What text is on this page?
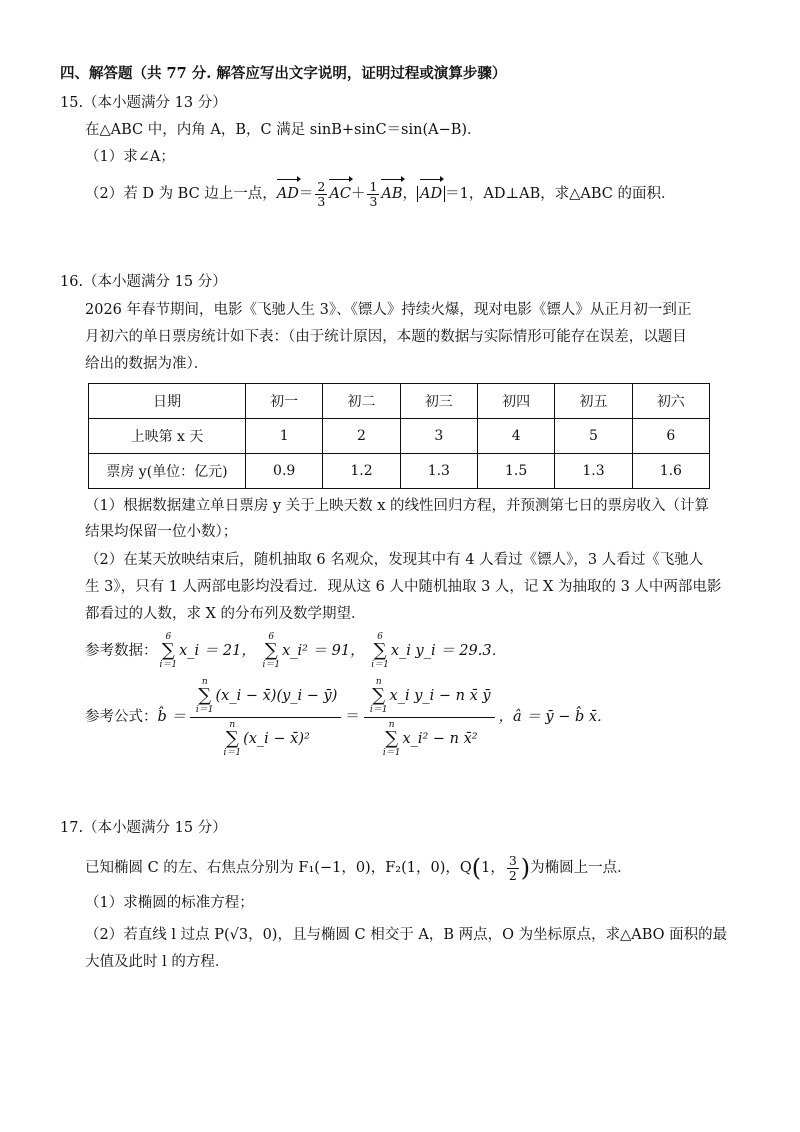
四、解答题（共 77 分. 解答应写出文字说明，证明过程或演算步骤）
15.（本小题满分 13 分）
在△ABC 中，内角 A，B，C 满足 sinB+sinC＝sin(A−B)．
（1）求∠A；
（2）若 D 为 BC 边上一点，$AD= \frac{2}{3} AC+ \frac{1}{3}$ AB， AD ＝1，AD⊥AB，求△ABC 的面积．
16.（本小题满分 15 分）
2026 年春节期间，电影《飞驰人生 3》、《镖人》持续火爆，现对电影《镖人》从正月初一到正
月初六的单日票房统计如下表：（由于统计原因，本题的数据与实际情形可能存在误差，以题目
给出的数据为准）．
日期	初一	初二	初三	初四	初五	初六
上映第 x 天	1	2	3	4	5	6
票房 y(单位：亿元)	0.9	1.2	1.3	1.5	1.3	1.6
（1）根据数据建立单日票房 y 关于上映天数 x 的线性回归方程，并预测第七日的票房收入（计算
结果均保留一位小数）；
（2）在某天放映结束后，随机抽取 6 名观众，发现其中有 4 人看过《镖人》，3 人看过《飞驰人
生 3》，只有 1 人两部电影均没看过．现从这 6 人中随机抽取 3 人，记 X 为抽取的 3 人中两部电影
都看过的人数，求 X 的分布列及数学期望．
参考数据：
6
∑
i＝1
x_i ＝ 21，
6
∑
i＝1
x_i² ＝ 91，
6
∑
i＝1
x_i y_i ＝ 29.3．
参考公式： b̂ ＝ n
∑
i＝1
(x_i − x̄)(y_i − ȳ)
n
∑
i＝1
(x_i − x̄)² ＝ n
∑
i＝1
x_i y_i − n x̄ ȳ
n
∑
i＝1
x_i² − n x̄² ，â ＝ ȳ − b̂ x̄．
17.（本小题满分 15 分）
已知椭圆 C 的左、右焦点分别为 F₁(−1，0)，F₂(1，0)，Q(1， $\frac{3}{2}$ )为椭圆上一点．
（1）求椭圆的标准方程；
（2）若直线 l 过点 P(√3，0)，且与椭圆 C 相交于 A，B 两点，O 为坐标原点，求△ABO 面积的最
大值及此时 l 的方程．
